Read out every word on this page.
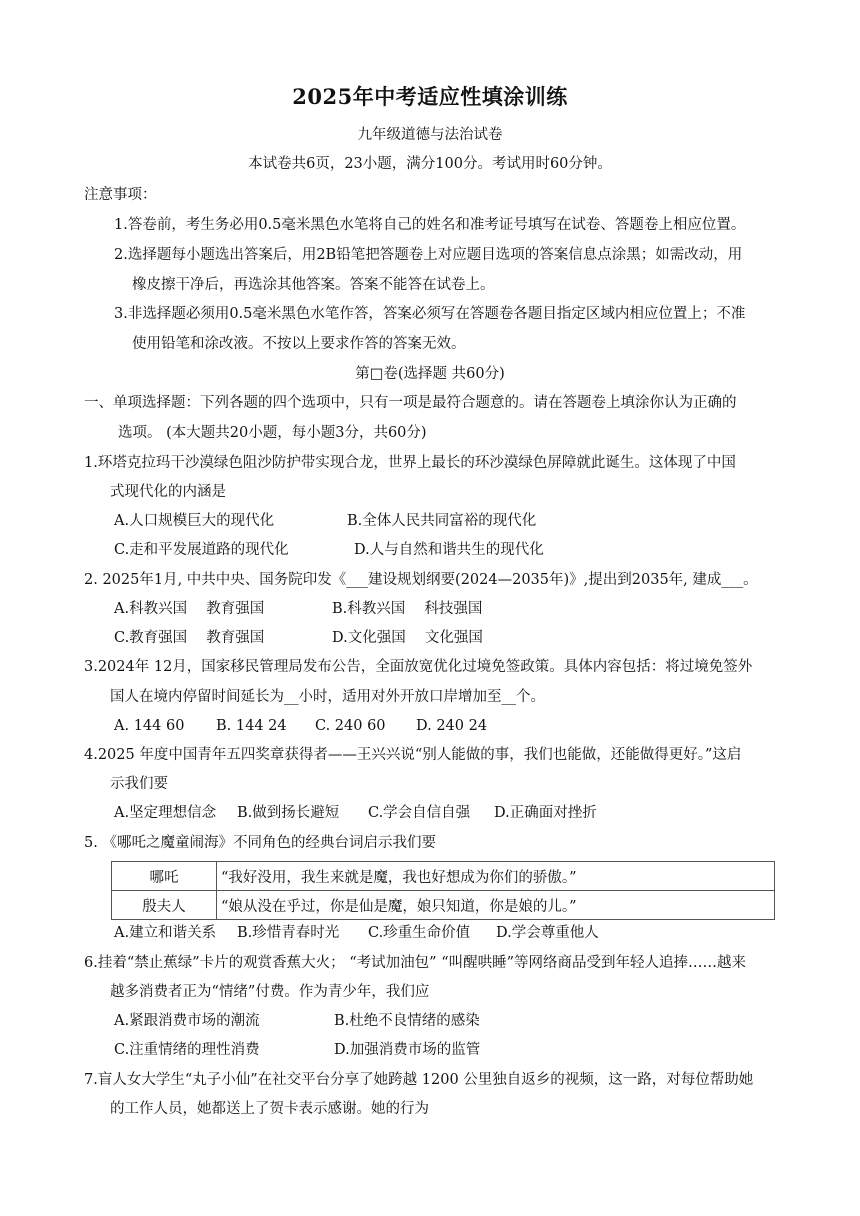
2025年中考适应性填涂训练
九年级道德与法治试卷
本试卷共6页，23小题，满分100分。考试用时60分钟。
注意事项：
1.答卷前，考生务必用0.5毫米黑色水笔将自己的姓名和准考证号填写在试卷、答题卷上相应位置。
2.选择题每小题选出答案后，用2B铅笔把答题卷上对应题目选项的答案信息点涂黑；如需改动，用
橡皮擦干净后，再选涂其他答案。答案不能答在试卷上。
3.非选择题必须用0.5毫米黑色水笔作答，答案必须写在答题卷各题目指定区域内相应位置上；不准
使用铅笔和涂改液。不按以上要求作答的答案无效。
第□卷(选择题 共60分)
一、单项选择题：下列各题的四个选项中，只有一项是最符合题意的。请在答题卷上填涂你认为正确的
选项。 (本大题共20小题，每小题3分，共60分)
1.环塔克拉玛干沙漠绿色阻沙防护带实现合龙，世界上最长的环沙漠绿色屏障就此诞生。这体现了中国
式现代化的内涵是
A.人口规模巨大的现代化	B.全体人民共同富裕的现代化
C.走和平发展道路的现代化	D.人与自然和谐共生的现代化
2. 2025年1月, 中共中央、国务院印发《___建设规划纲要(2024—2035年)》,提出到2035年, 建成___。
A.科教兴国　 教育强国	B.科教兴国　 科技强国
C.教育强国　 教育强国	D.文化强国　 文化强国
3.2024年 12月，国家移民管理局发布公告，全面放宽优化过境免签政策。具体内容包括：将过境免签外
国人在境内停留时间延长为__小时，适用对外开放口岸增加至__个。
A. 144 60 B. 144 24 C. 240 60 D. 240 24
4.2025 年度中国青年五四奖章获得者——王兴兴说“别人能做的事，我们也能做，还能做得更好。”这启
示我们要
A.坚定理想信念 B.做到扬长避短 C.学会自信自强 D.正确面对挫折
5. 《哪吒之魔童闹海》不同角色的经典台词启示我们要
哪吒	“我好没用，我生来就是魔，我也好想成为你们的骄傲。”
殷夫人	“娘从没在乎过，你是仙是魔，娘只知道，你是娘的儿。”
A.建立和谐关系 B.珍惜青春时光 C.珍重生命价值 D.学会尊重他人
6.挂着“禁止蕉绿”卡片的观赏香蕉大火； “考试加油包” “叫醒哄睡”等网络商品受到年轻人追捧……越来
越多消费者正为“情绪”付费。作为青少年，我们应
A.紧跟消费市场的潮流	B.杜绝不良情绪的感染
C.注重情绪的理性消费	D.加强消费市场的监管
7.盲人女大学生“丸子小仙”在社交平台分享了她跨越 1200 公里独自返乡的视频，这一路，对每位帮助她
的工作人员，她都送上了贺卡表示感谢。她的行为
